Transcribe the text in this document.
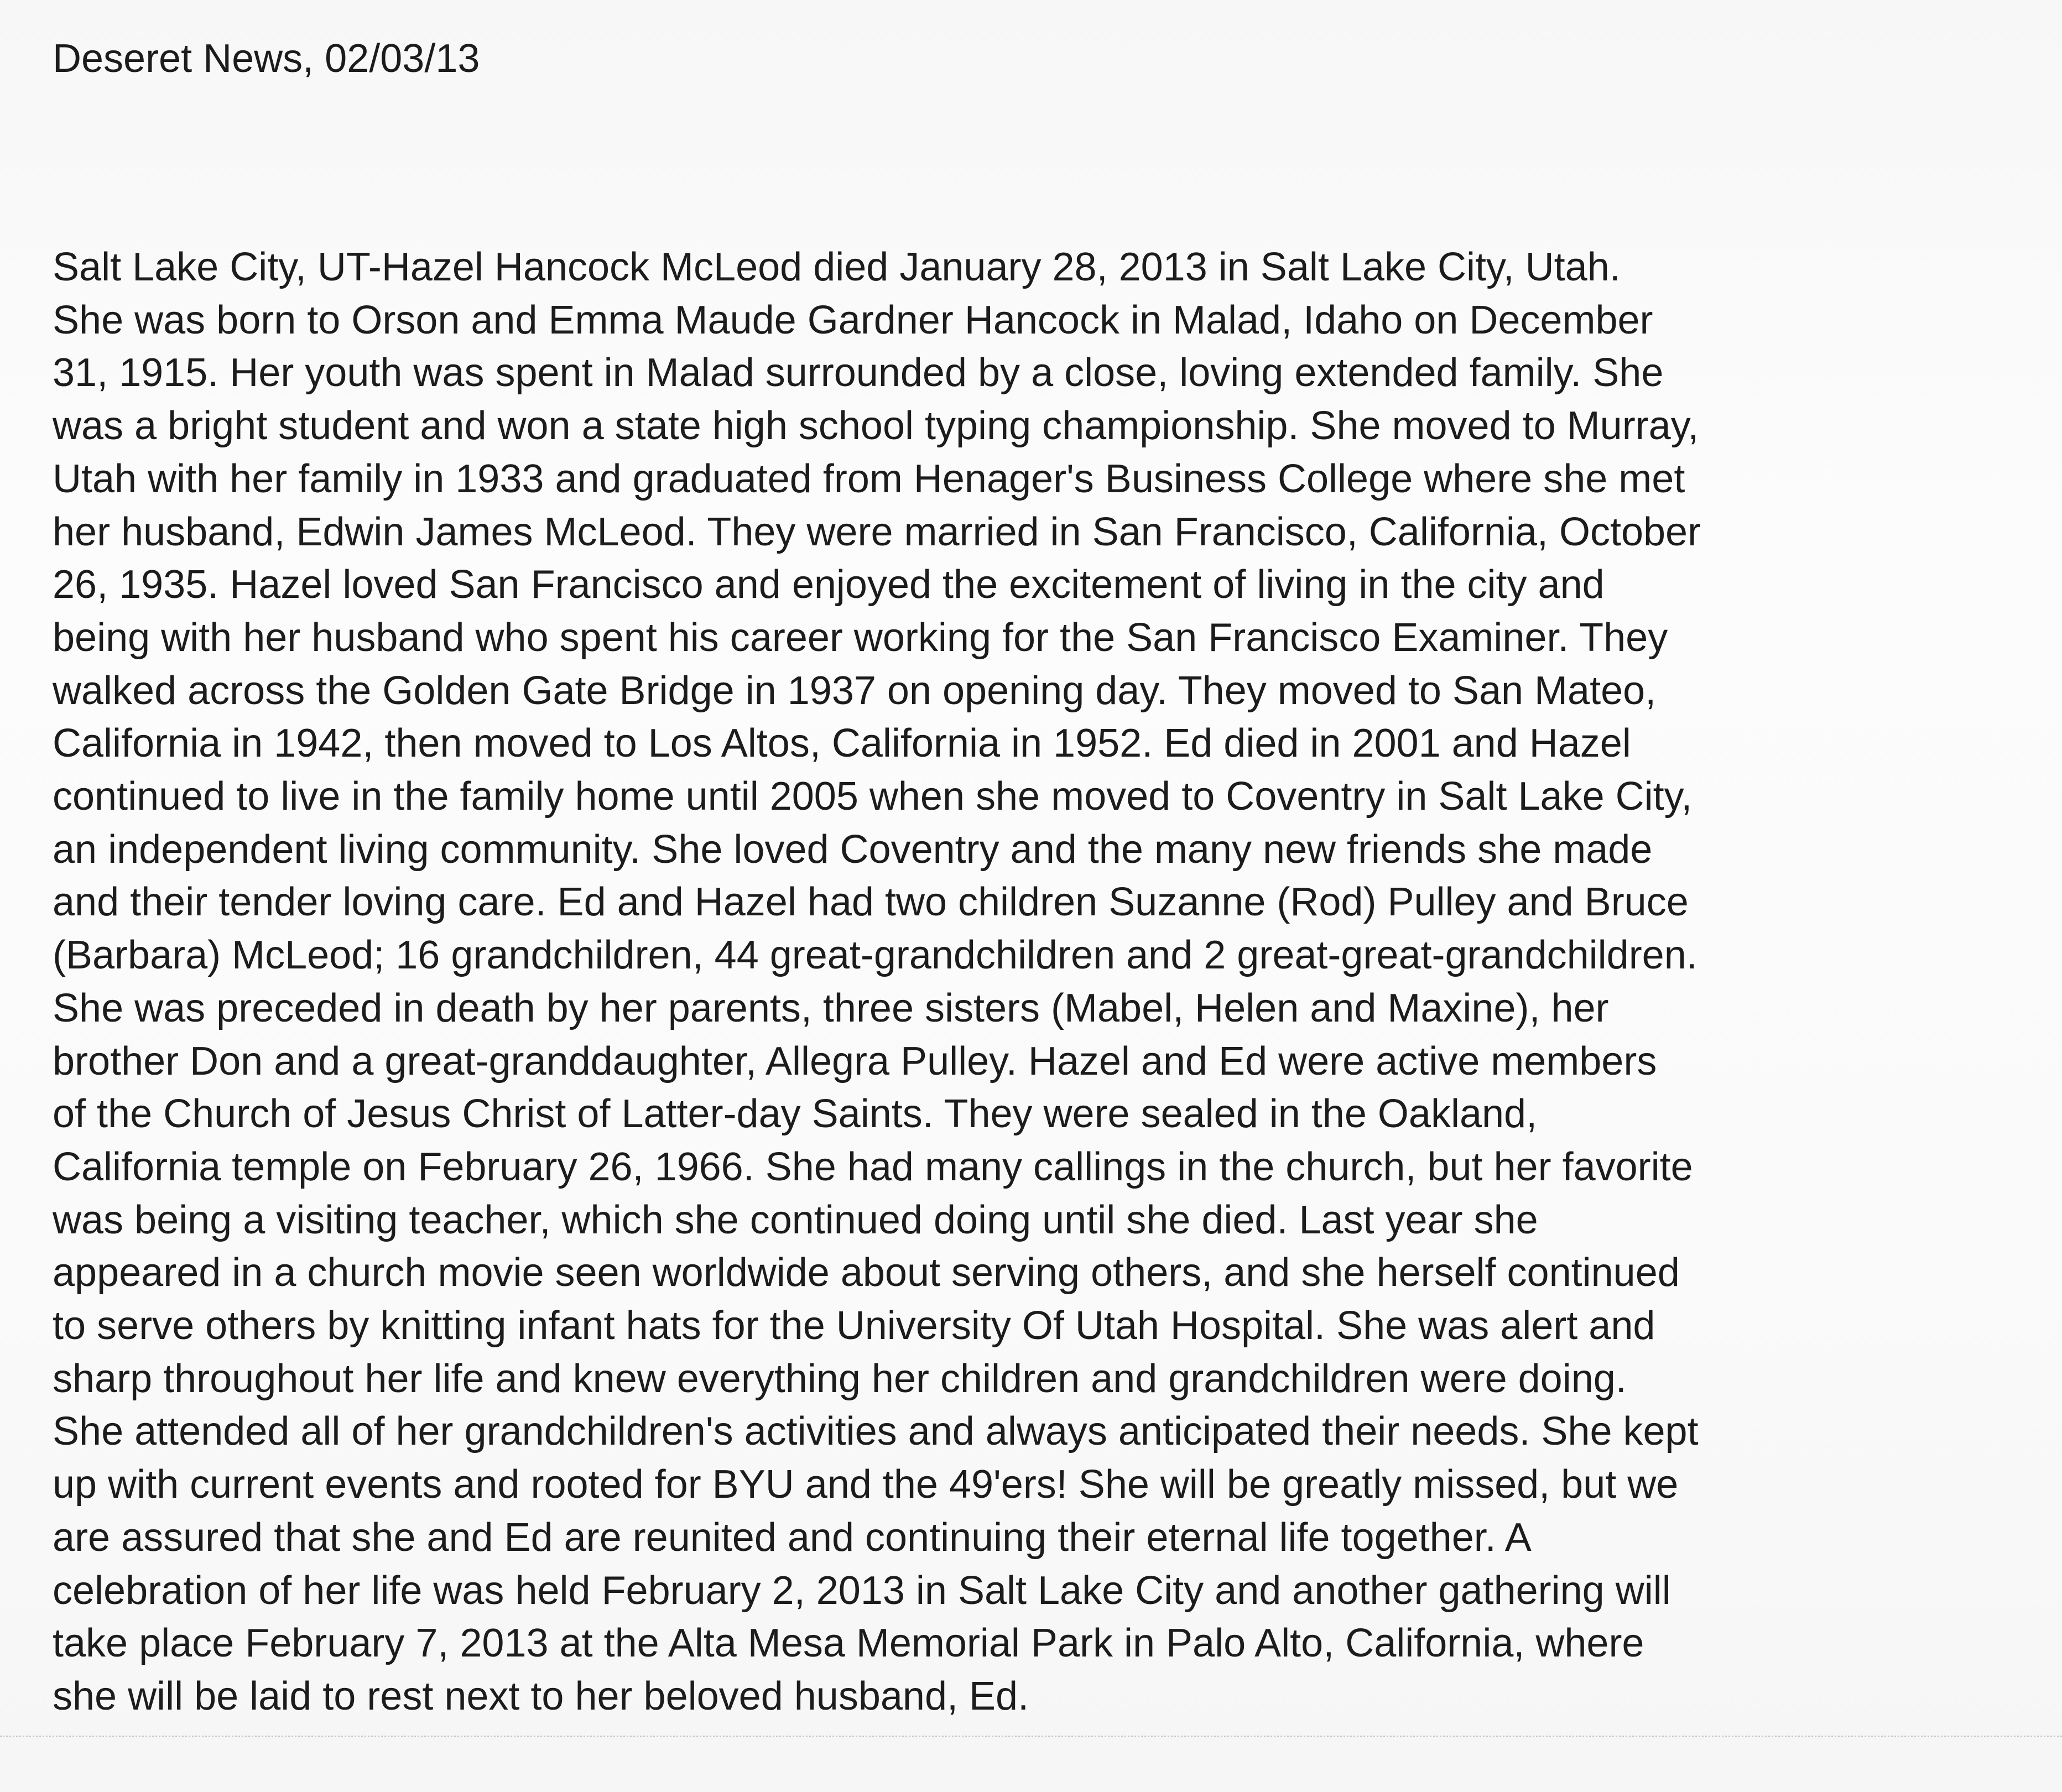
Deseret News, 02/03/13

Salt Lake City, UT-Hazel Hancock McLeod died January 28, 2013 in Salt Lake City, Utah.
She was born to Orson and Emma Maude Gardner Hancock in Malad, Idaho on December
31, 1915. Her youth was spent in Malad surrounded by a close, loving extended family. She
was a bright student and won a state high school typing championship. She moved to Murray,
Utah with her family in 1933 and graduated from Henager's Business College where she met
her husband, Edwin James McLeod. They were married in San Francisco, California, October
26, 1935. Hazel loved San Francisco and enjoyed the excitement of living in the city and
being with her husband who spent his career working for the San Francisco Examiner. They
walked across the Golden Gate Bridge in 1937 on opening day. They moved to San Mateo,
California in 1942, then moved to Los Altos, California in 1952. Ed died in 2001 and Hazel
continued to live in the family home until 2005 when she moved to Coventry in Salt Lake City,
an independent living community. She loved Coventry and the many new friends she made
and their tender loving care. Ed and Hazel had two children Suzanne (Rod) Pulley and Bruce
(Barbara) McLeod; 16 grandchildren, 44 great-grandchildren and 2 great-great-grandchildren.
She was preceded in death by her parents, three sisters (Mabel, Helen and Maxine), her
brother Don and a great-granddaughter, Allegra Pulley. Hazel and Ed were active members
of the Church of Jesus Christ of Latter-day Saints. They were sealed in the Oakland,
California temple on February 26, 1966. She had many callings in the church, but her favorite
was being a visiting teacher, which she continued doing until she died. Last year she
appeared in a church movie seen worldwide about serving others, and she herself continued
to serve others by knitting infant hats for the University Of Utah Hospital. She was alert and
sharp throughout her life and knew everything her children and grandchildren were doing.
She attended all of her grandchildren's activities and always anticipated their needs. She kept
up with current events and rooted for BYU and the 49'ers! She will be greatly missed, but we
are assured that she and Ed are reunited and continuing their eternal life together. A
celebration of her life was held February 2, 2013 in Salt Lake City and another gathering will
take place February 7, 2013 at the Alta Mesa Memorial Park in Palo Alto, California, where
she will be laid to rest next to her beloved husband, Ed.
